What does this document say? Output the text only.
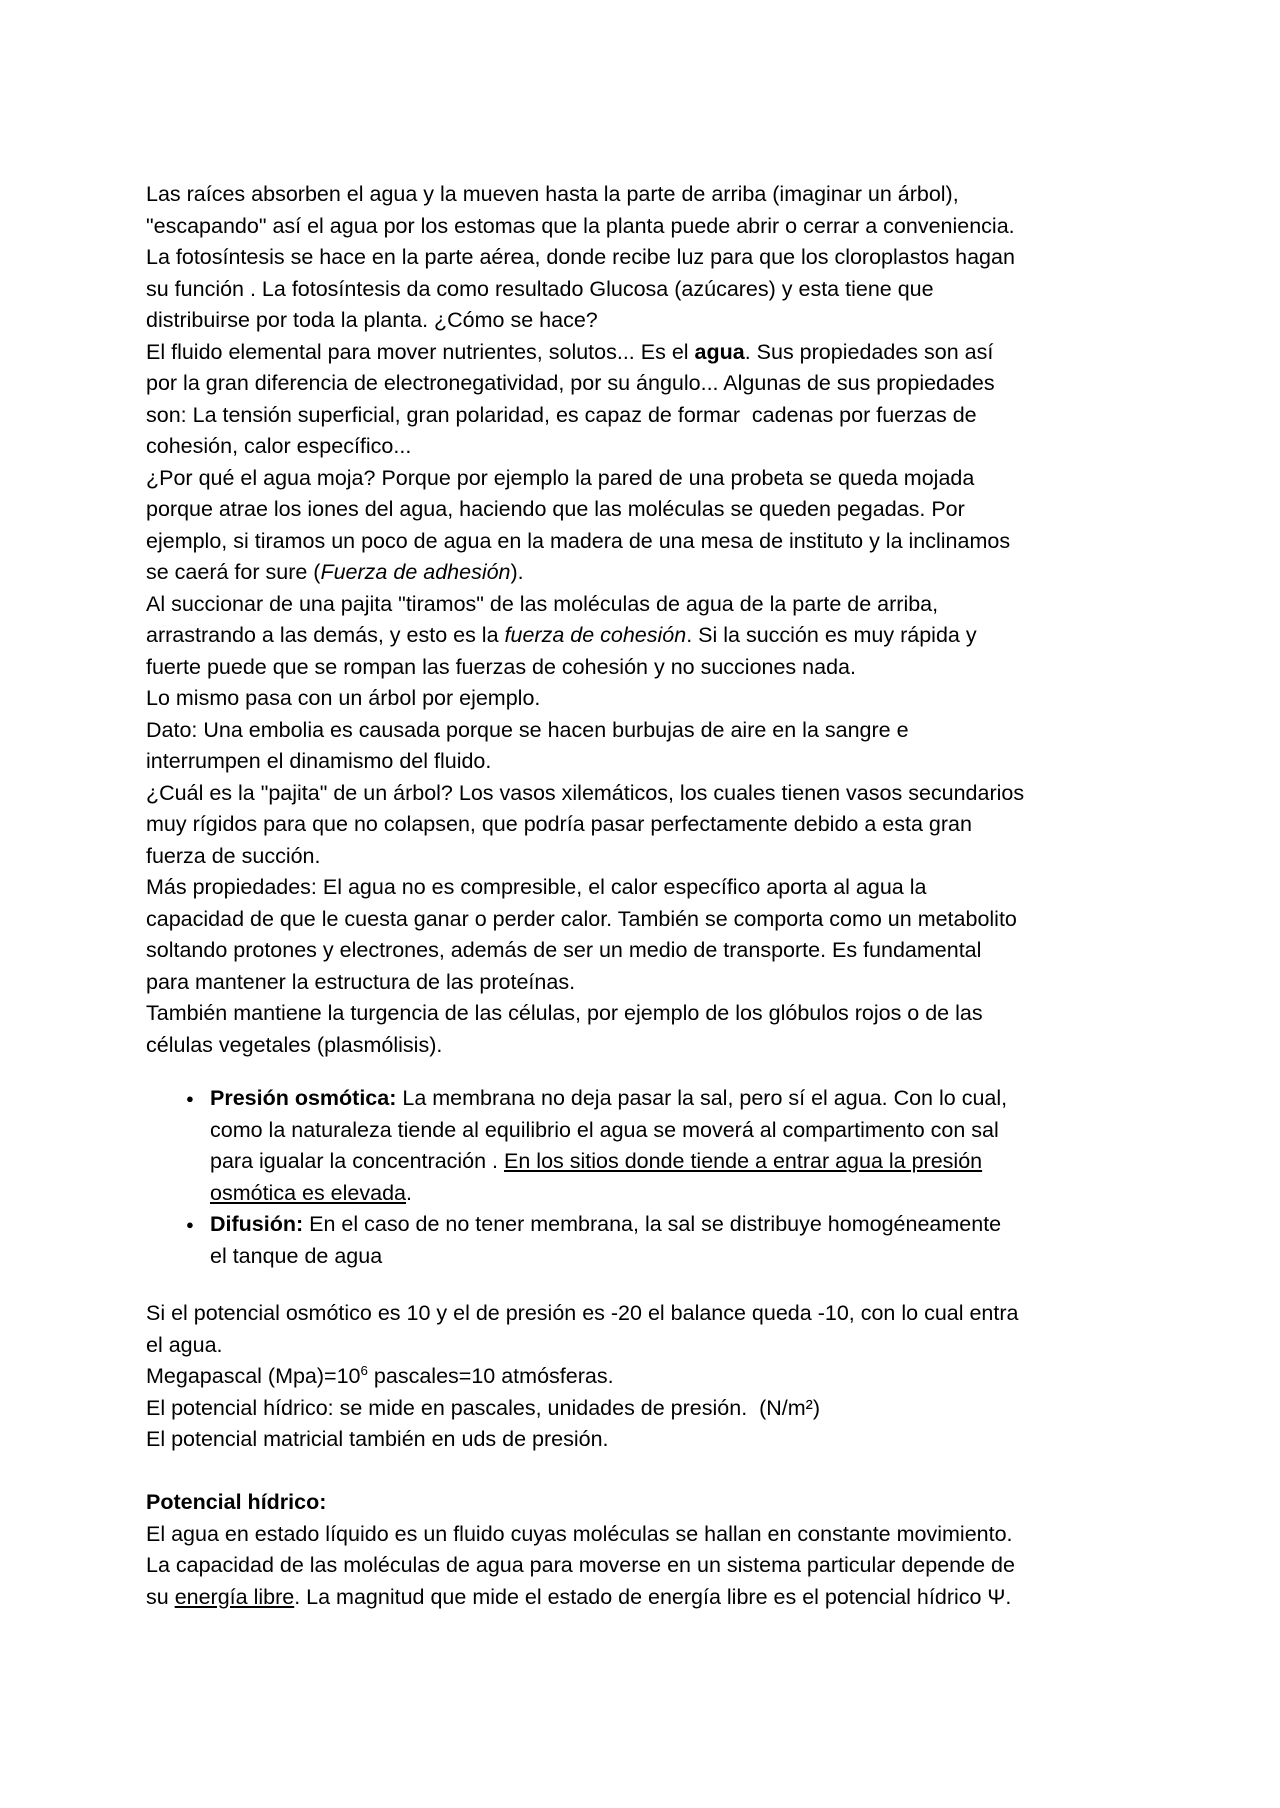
Las raíces absorben el agua y la mueven hasta la parte de arriba (imaginar un árbol),
"escapando" así el agua por los estomas que la planta puede abrir o cerrar a conveniencia.
La fotosíntesis se hace en la parte aérea, donde recibe luz para que los cloroplastos hagan
su función . La fotosíntesis da como resultado Glucosa (azúcares) y esta tiene que
distribuirse por toda la planta. ¿Cómo se hace?
El fluido elemental para mover nutrientes, solutos... Es el agua. Sus propiedades son así
por la gran diferencia de electronegatividad, por su ángulo... Algunas de sus propiedades
son: La tensión superficial, gran polaridad, es capaz de formar  cadenas por fuerzas de
cohesión, calor específico...
¿Por qué el agua moja? Porque por ejemplo la pared de una probeta se queda mojada
porque atrae los iones del agua, haciendo que las moléculas se queden pegadas. Por
ejemplo, si tiramos un poco de agua en la madera de una mesa de instituto y la inclinamos
se caerá for sure (Fuerza de adhesión).
Al succionar de una pajita "tiramos" de las moléculas de agua de la parte de arriba,
arrastrando a las demás, y esto es la fuerza de cohesión. Si la succión es muy rápida y
fuerte puede que se rompan las fuerzas de cohesión y no succiones nada.
Lo mismo pasa con un árbol por ejemplo.
Dato: Una embolia es causada porque se hacen burbujas de aire en la sangre e
interrumpen el dinamismo del fluido.
¿Cuál es la "pajita" de un árbol? Los vasos xilemáticos, los cuales tienen vasos secundarios
muy rígidos para que no colapsen, que podría pasar perfectamente debido a esta gran
fuerza de succión.
Más propiedades: El agua no es compresible, el calor específico aporta al agua la
capacidad de que le cuesta ganar o perder calor. También se comporta como un metabolito
soltando protones y electrones, además de ser un medio de transporte. Es fundamental
para mantener la estructura de las proteínas.
También mantiene la turgencia de las células, por ejemplo de los glóbulos rojos o de las
células vegetales (plasmólisis).
● Presión osmótica: La membrana no deja pasar la sal, pero sí el agua. Con lo cual,
como la naturaleza tiende al equilibrio el agua se moverá al compartimento con sal
para igualar la concentración . En los sitios donde tiende a entrar agua la presión
osmótica es elevada.
● Difusión: En el caso de no tener membrana, la sal se distribuye homogéneamente
el tanque de agua
Si el potencial osmótico es 10 y el de presión es -20 el balance queda -10, con lo cual entra
el agua.
Megapascal $(Mpa)=10^6$ pascales=10 atmósferas.
El potencial hídrico: se mide en pascales, unidades de presión.  (N/m²)
El potencial matricial también en uds de presión.
Potencial hídrico:
El agua en estado líquido es un fluido cuyas moléculas se hallan en constante movimiento.
La capacidad de las moléculas de agua para moverse en un sistema particular depende de
su energía libre. La magnitud que mide el estado de energía libre es el potencial hídrico Ψ.
